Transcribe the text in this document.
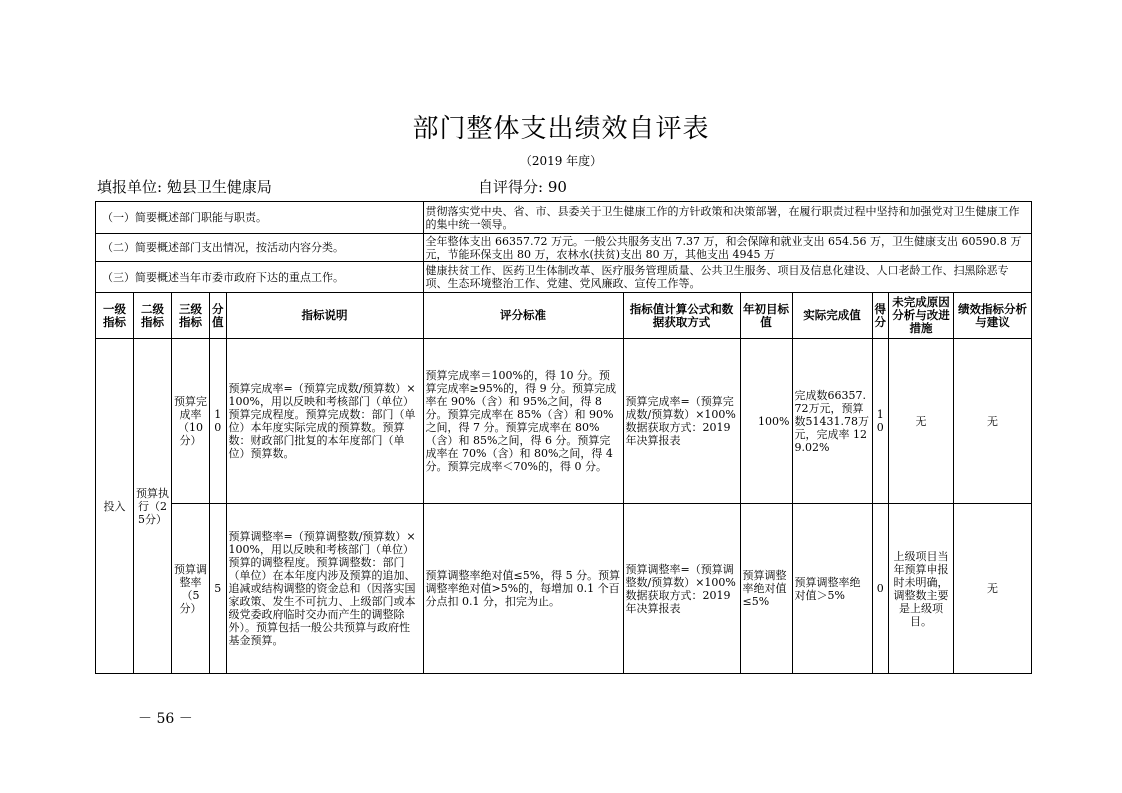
部门整体支出绩效自评表
（2019 年度）
填报单位: 勉县卫生健康局	自评得分: 90
（一）简要概述部门职能与职责。					贯彻落实党中央、省、市、县委关于卫生健康工作的方针政策和决策部署，在履行职责过程中坚持和加强党对卫生健康工作的集中统一领导。						
（二）简要概述部门支出情况，按活动内容分类。					全年整体支出 66357.72 万元。一般公共服务支出 7.37 万，和会保障和就业支出 654.56 万，卫生健康支出 60590.8 万元，节能环保支出 80 万，农林水(扶贫)支出 80 万，其他支出 4945 万						
（三）简要概述当年市委市政府下达的重点工作。					健康扶贫工作、医药卫生体制改革、医疗服务管理质量、公共卫生服务、项目及信息化建设、人口老龄工作、扫黑除恶专项、生态环境整治工作、党建、党风廉政、宣传工作等。						
一级指标	二级指标	三级指标	分值	指标说明	评分标准	指标值计算公式和数据获取方式	年初目标值	实际完成值	得分	未完成原因分析与改进措施	绩效指标分析与建议
投入	预算执行（25分）	预算完成率（10分）	10	预算完成率=（预算完成数/预算数）×100%，用以反映和考核部门（单位）预算完成程度。预算完成数：部门（单位）本年度实际完成的预算数。预算数：财政部门批复的本年度部门（单位）预算数。	预算完成率＝100%的，得 10 分。预算完成率≥95%的，得 9 分。预算完成率在 90%（含）和 95%之间，得 8 分。预算完成率在 85%（含）和 90%之间，得 7 分。预算完成率在 80%（含）和 85%之间，得 6 分。预算完成率在 70%（含）和 80%之间，得 4 分。预算完成率＜70%的，得 0 分。	预算完成率=（预算完成数/预算数）×100%数据获取方式：2019 年决算报表	100%	完成数66357.72万元，预算数51431.78万元，完成率 129.02%	10	无	无
		预算调整率（5分）	5	预算调整率=（预算调整数/预算数）×100%，用以反映和考核部门（单位）预算的调整程度。预算调整数：部门（单位）在本年度内涉及预算的追加、追减或结构调整的资金总和（因落实国家政策、发生不可抗力、上级部门或本级党委政府临时交办而产生的调整除外）。预算包括一般公共预算与政府性基金预算。	预算调整率绝对值≤5%，得 5 分。预算调整率绝对值>5%的，每增加 0.1 个百分点扣 0.1 分，扣完为止。	预算调整率=（预算调整数/预算数）×100%数据获取方式：2019 年决算报表	预算调整率绝对值≤5%	预算调整率绝对值＞5%	0	上级项目当年预算申报时未明确，调整数主要是上级项目。	无
－ 56 －
